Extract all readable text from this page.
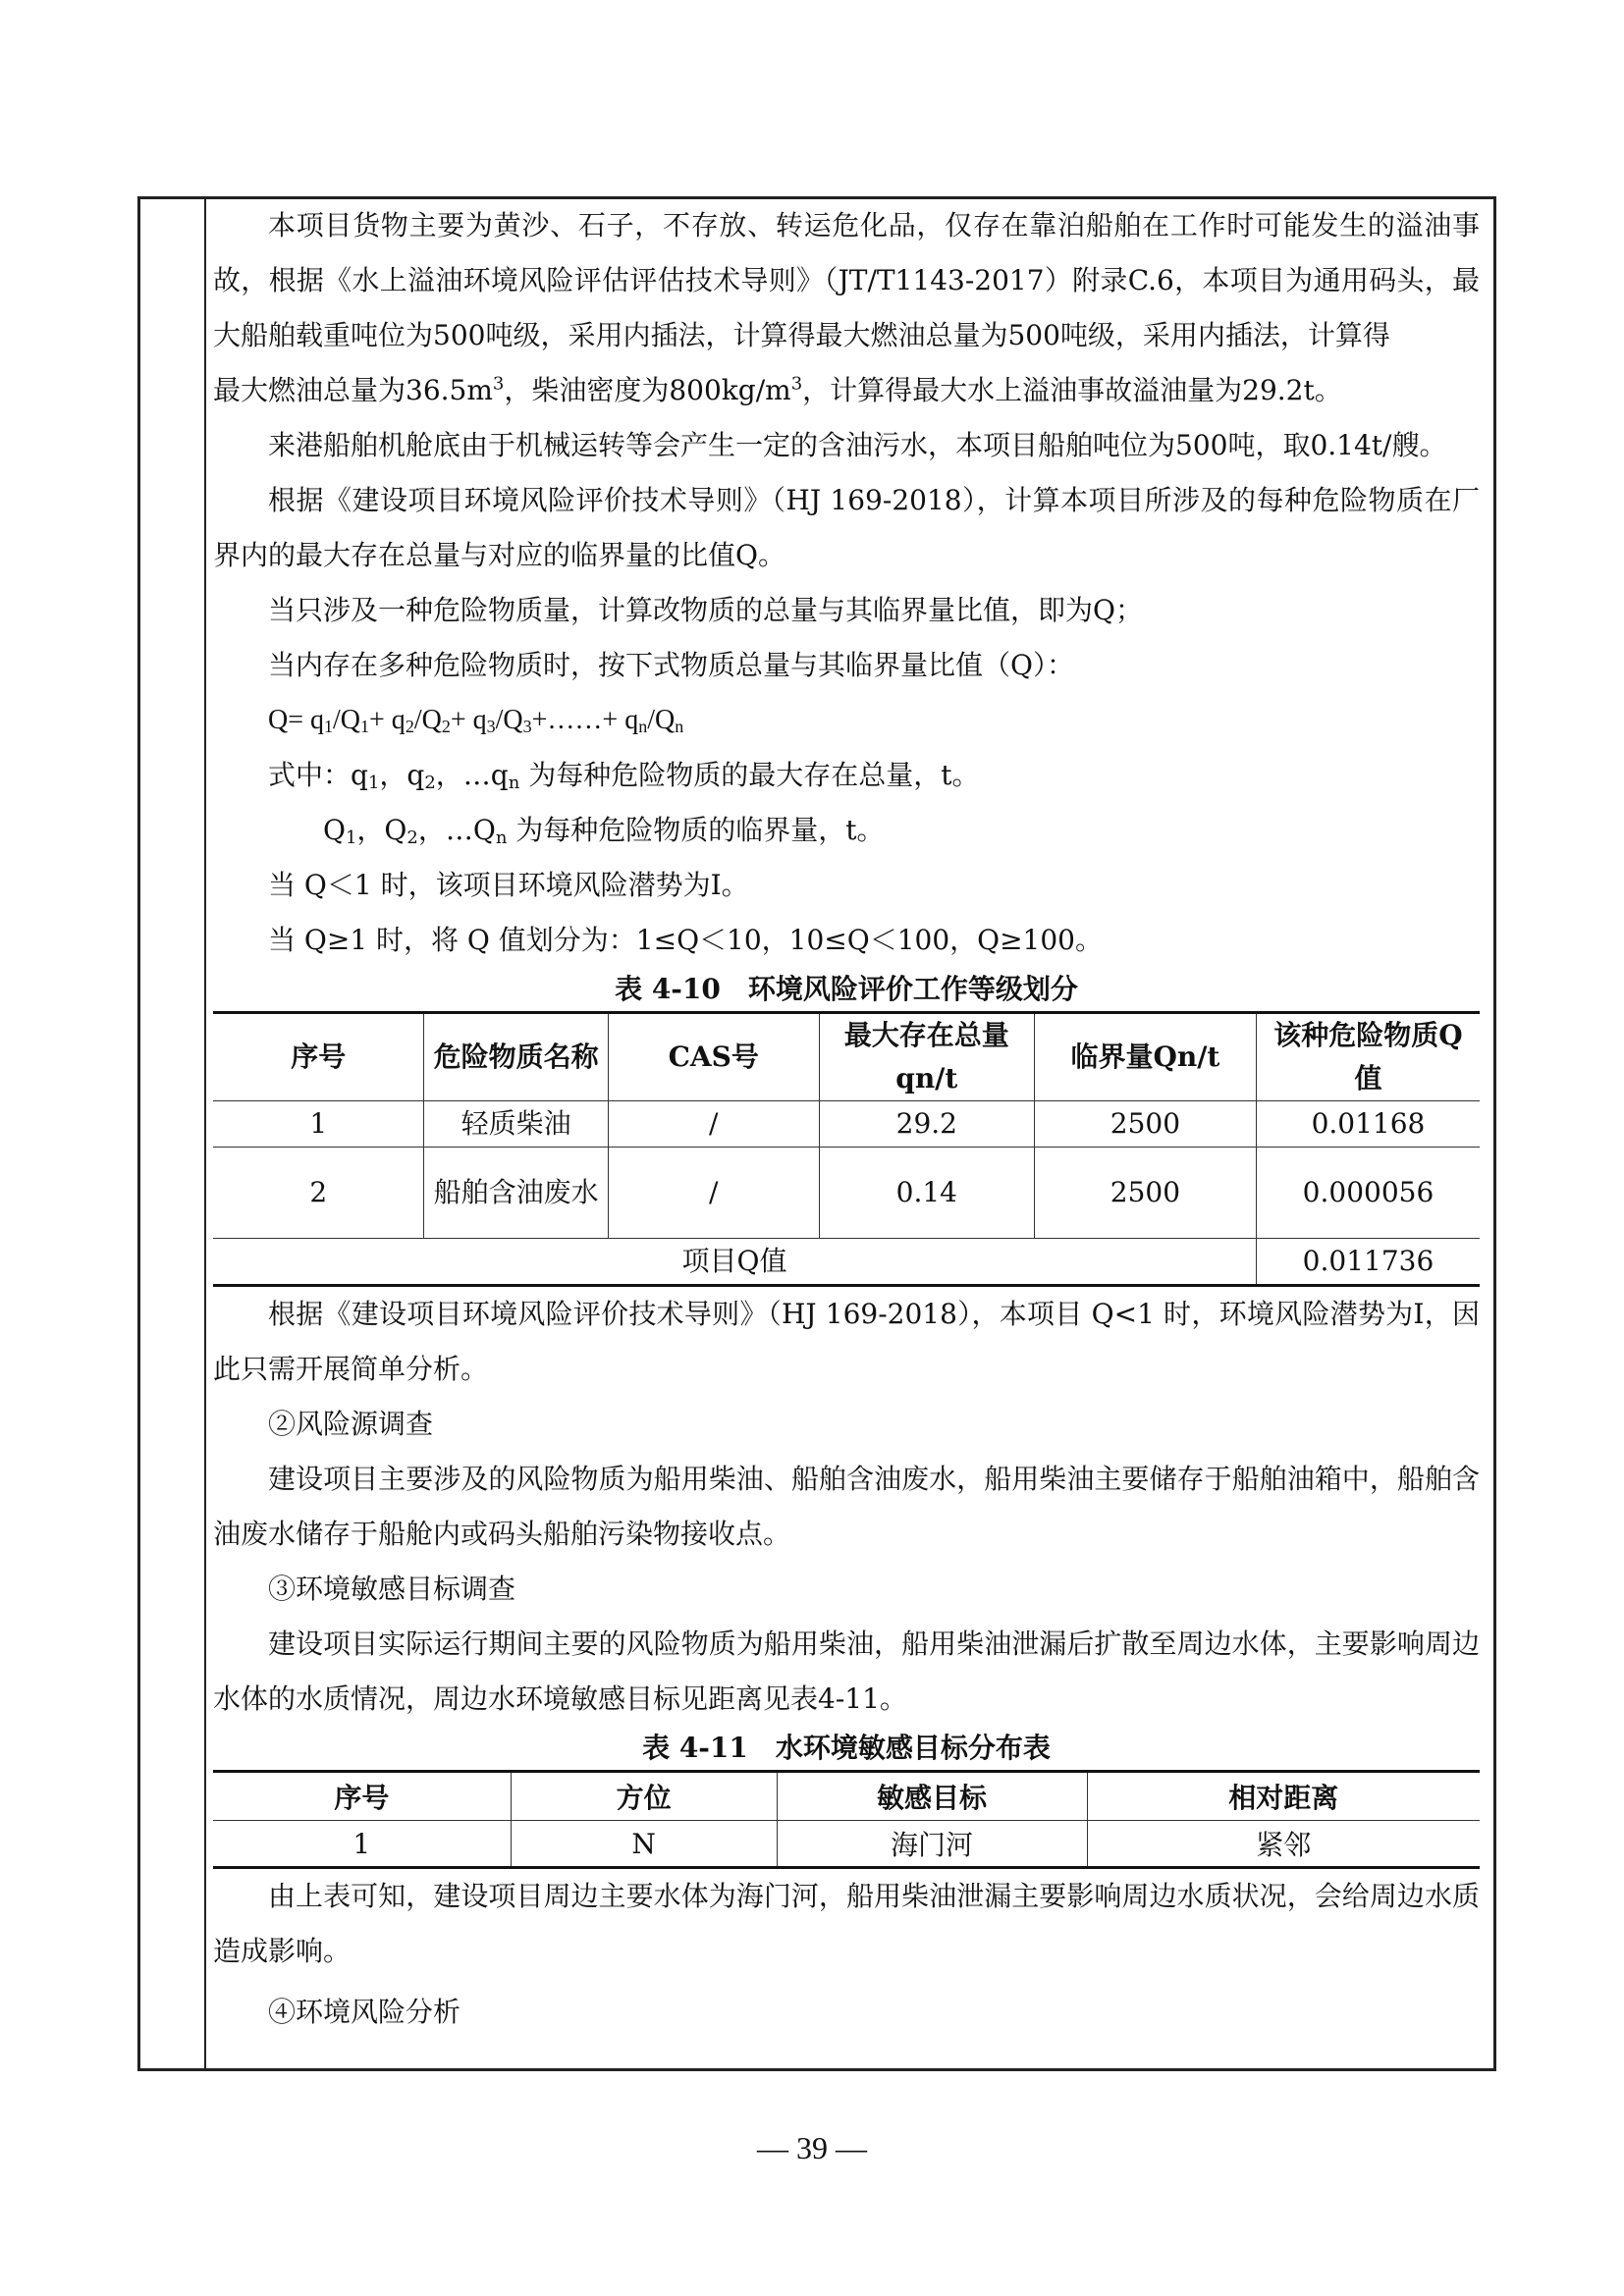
本项目货物主要为黄沙、石子，不存放、转运危化品，仅存在靠泊船舶在工作时可能发生的溢油事故，根据《水上溢油环境风险评估评估技术导则》（JT/T1143-2017）附录C.6，本项目为通用码头，最大船舶载重吨位为500吨级，采用内插法，计算得最大燃油总量为500吨级，采用内插法，计算得
最大燃油总量为$36.5m^3$，柴油密度为$800kg/m^3$，计算得最大水上溢油事故溢油量为29.2t。

来港船舶机舱底由于机械运转等会产生一定的含油污水，本项目船舶吨位为500吨，取0.14t/艘。

根据《建设项目环境风险评价技术导则》（HJ 169-2018），计算本项目所涉及的每种危险物质在厂界内的最大存在总量与对应的临界量的比值Q。

当只涉及一种危险物质量，计算改物质的总量与其临界量比值，即为Q；

当内存在多种危险物质时，按下式物质总量与其临界量比值（Q）：

$Q= q_1/Q_1+ q_2/Q_2+$ $q_3/Q_3+\dots\dots+ q_n/Q_n$

式中：$q_1$，$q_2$，$\dots q_n$ 为每种危险物质的最大存在总量，t。

$Q_1$，$Q_2$，$\dots Q_n$ 为每种危险物质的临界量，t。

当 Q＜1 时，该项目环境风险潜势为Ⅰ。

当 Q≥1 时，将 Q 值划分为：1≤Q＜10，10≤Q＜100，Q≥100。

表 4-10　环境风险评价工作等级划分

序号	危险物质名称	CAS号	最大存在总量qn/t	临界量Qn/t	该种危险物质Q值
1	轻质柴油	/	29.2	2500	0.01168
2	船舶含油废水	/	0.14	2500	0.000056
项目Q值					0.011736

根据《建设项目环境风险评价技术导则》（HJ 169-2018），本项目 Q<1 时，环境风险潜势为I，因此只需开展简单分析。

②风险源调查

建设项目主要涉及的风险物质为船用柴油、船舶含油废水，船用柴油主要储存于船舶油箱中，船舶含油废水储存于船舱内或码头船舶污染物接收点。

③环境敏感目标调查

建设项目实际运行期间主要的风险物质为船用柴油，船用柴油泄漏后扩散至周边水体，主要影响周边水体的水质情况，周边水环境敏感目标见距离见表4-11。

表 4-11　水环境敏感目标分布表

序号	方位	敏感目标	相对距离
1	N	海门河	紧邻

由上表可知，建设项目周边主要水体为海门河，船用柴油泄漏主要影响周边水质状况，会给周边水质造成影响。

④环境风险分析

— 39 —
